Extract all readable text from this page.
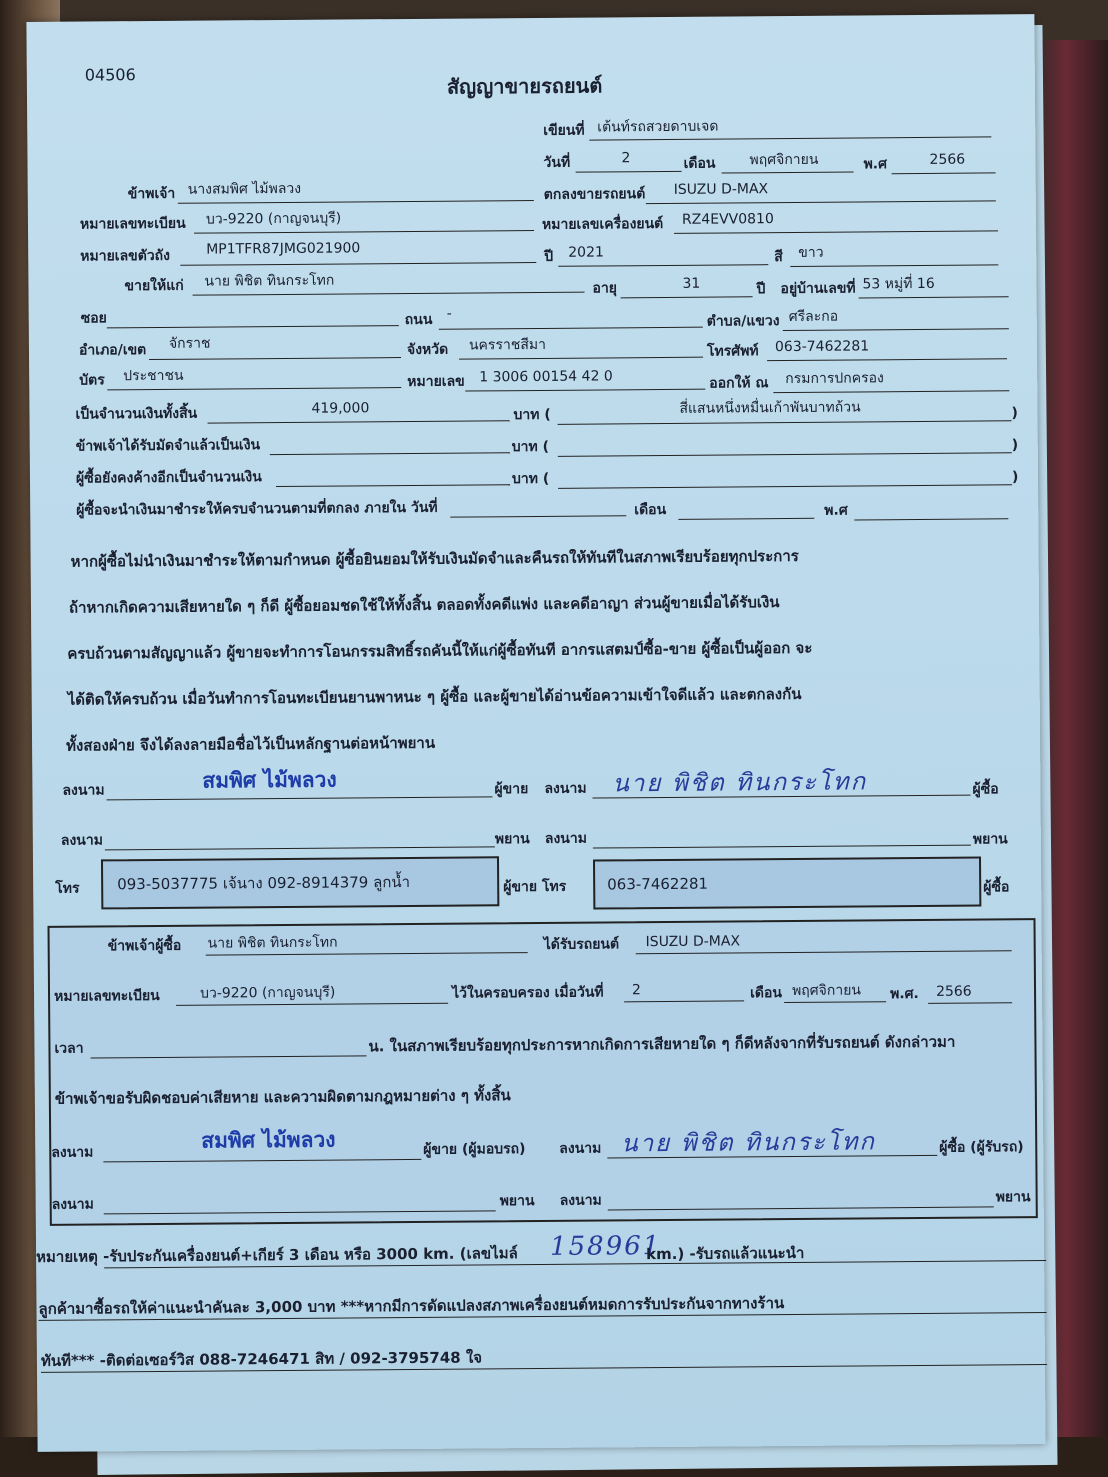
04506	สัญญาขายรถยนต์
เขียนที่ เต้นท์รถสวยดาบเจด
วันที่	2	เดือน พฤศจิกายน	พ.ศ	2566
ข้าพเจ้า นางสมพิศ ไม้พลวง	ตกลงขายรถยนต์ ISUZU D-MAX
หมายเลขทะเบียน บว-9220 (กาญจนบุรี)	หมายเลขเครื่องยนต์ RZ4EVV0810
หมายเลขตัวถัง	MP1TFR87JMG021900	ปี 2021	สี ขาว
ขายให้แก่ นาย พิชิต ทินกระโทก	อายุ	31	ปี อยู่บ้านเลขที่ 53 หมู่ที่ 16
ซอย	ถนน -	ตำบล/แขวง ศรีละกอ
อำเภอ/เขต จักราช	จังหวัด นครราชสีมา	โทรศัพท์ 063-7462281
บัตร ประชาชน	หมายเลข 1 3006 00154 42 0	ออกให้ ณ กรมการปกครอง
เป็นจำนวนเงินทั้งสิ้น	419,000	บาท (	สี่แสนหนึ่งหมื่นเก้าพันบาทถ้วน	)
ข้าพเจ้าได้รับมัดจำแล้วเป็นเงิน	บาท (	)
ผู้ซื้อยังคงค้างอีกเป็นจำนวนเงิน	บาท (	)
ผู้ซื้อจะนำเงินมาชำระให้ครบจำนวนตามที่ตกลง ภายใน วันที่	เดือน	พ.ศ
หากผู้ซื้อไม่นำเงินมาชำระให้ตามกำหนด ผู้ซื้อยินยอมให้รับเงินมัดจำและคืนรถให้ทันทีในสภาพเรียบร้อยทุกประการ
ถ้าหากเกิดความเสียหายใด ๆ ก็ดี ผู้ซื้อยอมชดใช้ให้ทั้งสิ้น ตลอดทั้งคดีแพ่ง และคดีอาญา ส่วนผู้ขายเมื่อได้รับเงิน
ครบถ้วนตามสัญญาแล้ว ผู้ขายจะทำการโอนกรรมสิทธิ์รถคันนี้ให้แก่ผู้ซื้อทันที อากรแสตมป์ซื้อ-ขาย ผู้ซื้อเป็นผู้ออก จะ
ได้ติดให้ครบถ้วน เมื่อวันทำการโอนทะเบียนยานพาหนะ ๆ ผู้ซื้อ และผู้ขายได้อ่านข้อความเข้าใจดีแล้ว และตกลงกัน
ทั้งสองฝ่าย จึงได้ลงลายมือชื่อไว้เป็นหลักฐานต่อหน้าพยาน
ลงนาม	สมพิศ ไม้พลวง	ผู้ขาย ลงนาม นาย พิชิต ทินกระโทก	ผู้ซื้อ
ลงนาม	พยาน ลงนาม	พยาน
โทร	093-5037775 เจ้นาง 092-8914379 ลูกน้ำ	ผู้ขาย โทร	063-7462281	ผู้ซื้อ
ข้าพเจ้าผู้ซื้อ นาย พิชิต ทินกระโทก	ได้รับรถยนต์ ISUZU D-MAX
หมายเลขทะเบียน	บว-9220 (กาญจนบุรี)	ไว้ในครอบครอง เมื่อวันที่ 2	เดือน พฤศจิกายน พ.ศ. 2566
เวลา	น. ในสภาพเรียบร้อยทุกประการหากเกิดการเสียหายใด ๆ ก็ดีหลังจากที่รับรถยนต์ ดังกล่าวมา
ข้าพเจ้าขอรับผิดชอบค่าเสียหาย และความผิดตามกฎหมายต่าง ๆ ทั้งสิ้น
ลงนาม
สมพิศ ไม้พลวง	ผู้ขาย (ผู้มอบรถ) ลงนาม นาย พิชิต ทินกระโทก	ผู้ซื้อ (ผู้รับรถ)
ลงนาม	พยาน ลงนาม	พยาน
หมายเหตุ -รับประกันเครื่องยนต์+เกียร์ 3 เดือน หรือ 3000 km. (เลขไมล์ 158961
km.) -รับรถแล้วแนะนำ
ลูกค้ามาซื้อรถให้ค่าแนะนำคันละ 3,000 บาท ***หากมีการดัดแปลงสภาพเครื่องยนต์หมดการรับประกันจากทางร้าน
ทันที*** -ติดต่อเซอร์วิส 088-7246471 สิท / 092-3795748 ใจ
